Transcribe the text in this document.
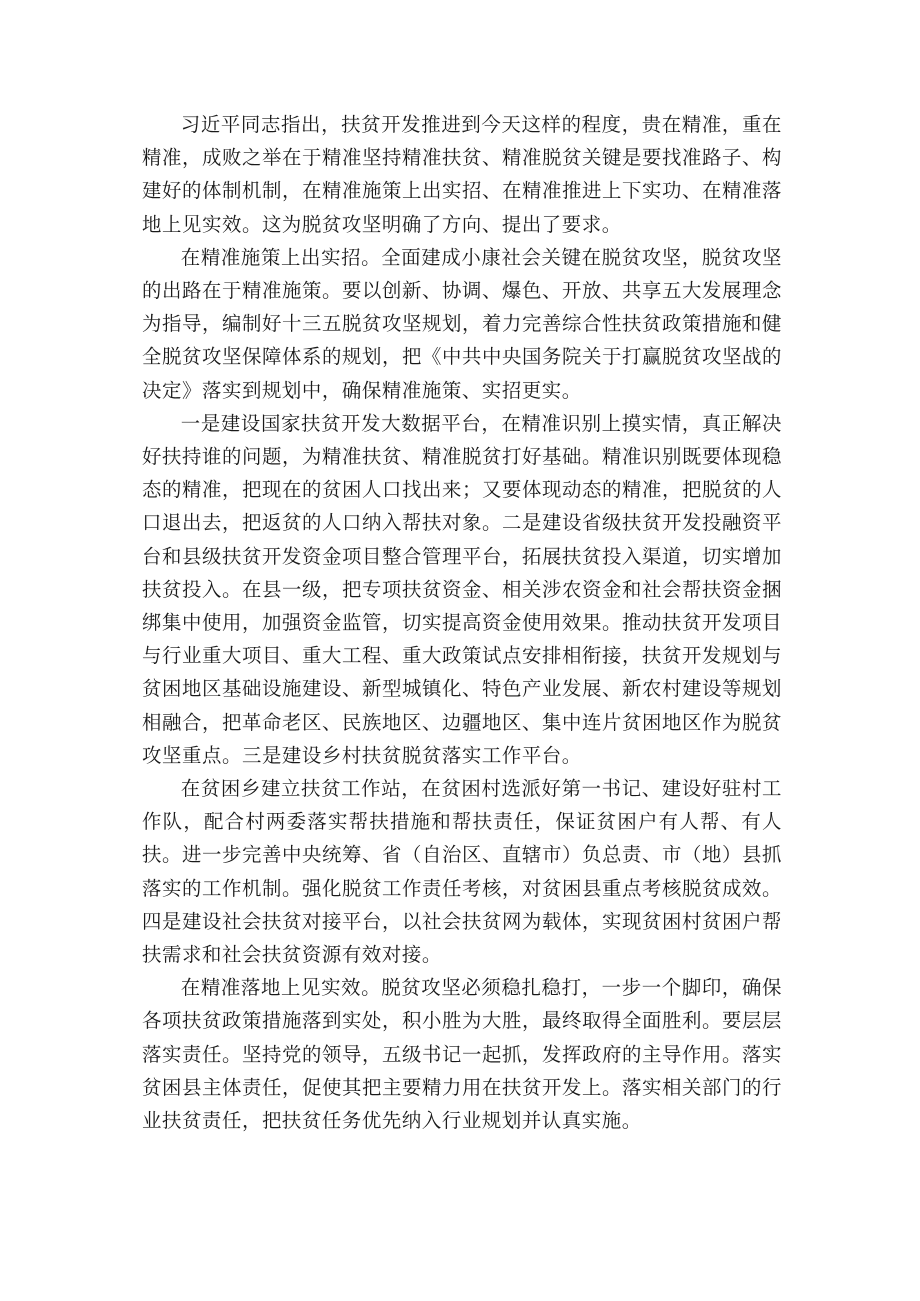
习近平同志指出，扶贫开发推进到今天这样的程度，贵在精准，重在精准，成败之举在于精准坚持精准扶贫、精准脱贫关键是要找准路子、构建好的体制机制，在精准施策上出实招、在精准推进上下实功、在精准落地上见实效。这为脱贫攻坚明确了方向、提出了要求。

在精准施策上出实招。全面建成小康社会关键在脱贫攻坚，脱贫攻坚的出路在于精准施策。要以创新、协调、爆色、开放、共享五大发展理念为指导，编制好十三五脱贫攻坚规划，着力完善综合性扶贫政策措施和健全脱贫攻坚保障体系的规划，把《中共中央国务院关于打赢脱贫攻坚战的决定》落实到规划中，确保精准施策、实招更实。

一是建设国家扶贫开发大数据平台，在精准识别上摸实情，真正解决好扶持谁的问题，为精准扶贫、精准脱贫打好基础。精准识别既要体现稳态的精准，把现在的贫困人口找出来；又要体现动态的精准，把脱贫的人口退出去，把返贫的人口纳入帮扶对象。二是建设省级扶贫开发投融资平台和县级扶贫开发资金项目整合管理平台，拓展扶贫投入渠道，切实增加扶贫投入。在县一级，把专项扶贫资金、相关涉农资金和社会帮扶资金捆绑集中使用，加强资金监管，切实提高资金使用效果。推动扶贫开发项目与行业重大项目、重大工程、重大政策试点安排相衔接，扶贫开发规划与贫困地区基础设施建设、新型城镇化、特色产业发展、新农村建设等规划相融合，把革命老区、民族地区、边疆地区、集中连片贫困地区作为脱贫攻坚重点。三是建设乡村扶贫脱贫落实工作平台。

在贫困乡建立扶贫工作站，在贫困村选派好第一书记、建设好驻村工作队，配合村两委落实帮扶措施和帮扶责任，保证贫困户有人帮、有人扶。进一步完善中央统筹、省（自治区、直辖市）负总责、市（地）县抓落实的工作机制。强化脱贫工作责任考核，对贫困县重点考核脱贫成效。四是建设社会扶贫对接平台，以社会扶贫网为载体，实现贫困村贫困户帮扶需求和社会扶贫资源有效对接。

在精准落地上见实效。脱贫攻坚必须稳扎稳打，一步一个脚印，确保各项扶贫政策措施落到实处，积小胜为大胜，最终取得全面胜利。要层层落实责任。坚持党的领导，五级书记一起抓，发挥政府的主导作用。落实贫困县主体责任，促使其把主要精力用在扶贫开发上。落实相关部门的行业扶贫责任，把扶贫任务优先纳入行业规划并认真实施。
